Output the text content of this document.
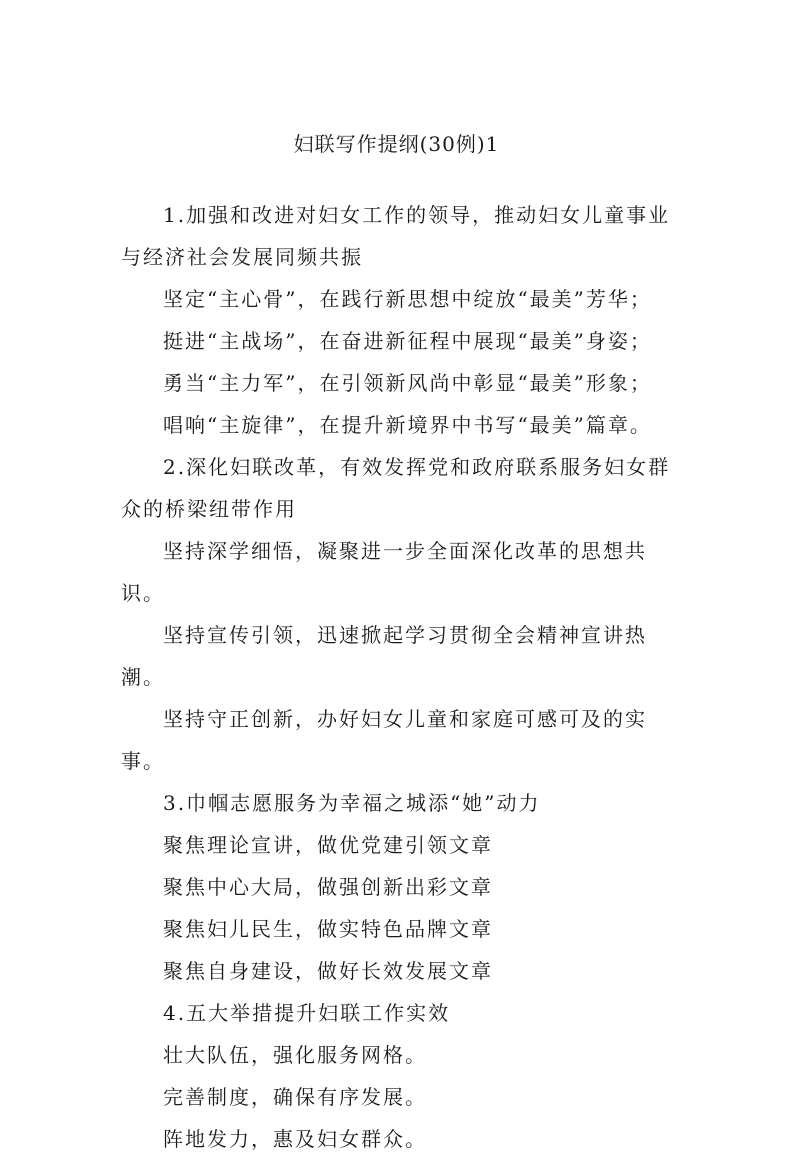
妇联写作提纲(30例)1

1.加强和改进对妇女工作的领导，推动妇女儿童事业与经济社会发展同频共振

坚定“主心骨”，在践行新思想中绽放“最美”芳华；

挺进“主战场”，在奋进新征程中展现“最美”身姿；

勇当“主力军”，在引领新风尚中彰显“最美”形象；

唱响“主旋律”，在提升新境界中书写“最美”篇章。

2.深化妇联改革，有效发挥党和政府联系服务妇女群众的桥梁纽带作用

坚持深学细悟，凝聚进一步全面深化改革的思想共识。

坚持宣传引领，迅速掀起学习贯彻全会精神宣讲热潮。

坚持守正创新，办好妇女儿童和家庭可感可及的实事。

3.巾帼志愿服务为幸福之城添“她”动力

聚焦理论宣讲，做优党建引领文章

聚焦中心大局，做强创新出彩文章

聚焦妇儿民生，做实特色品牌文章

聚焦自身建设，做好长效发展文章

4.五大举措提升妇联工作实效

壮大队伍，强化服务网格。

完善制度，确保有序发展。

阵地发力，惠及妇女群众。
